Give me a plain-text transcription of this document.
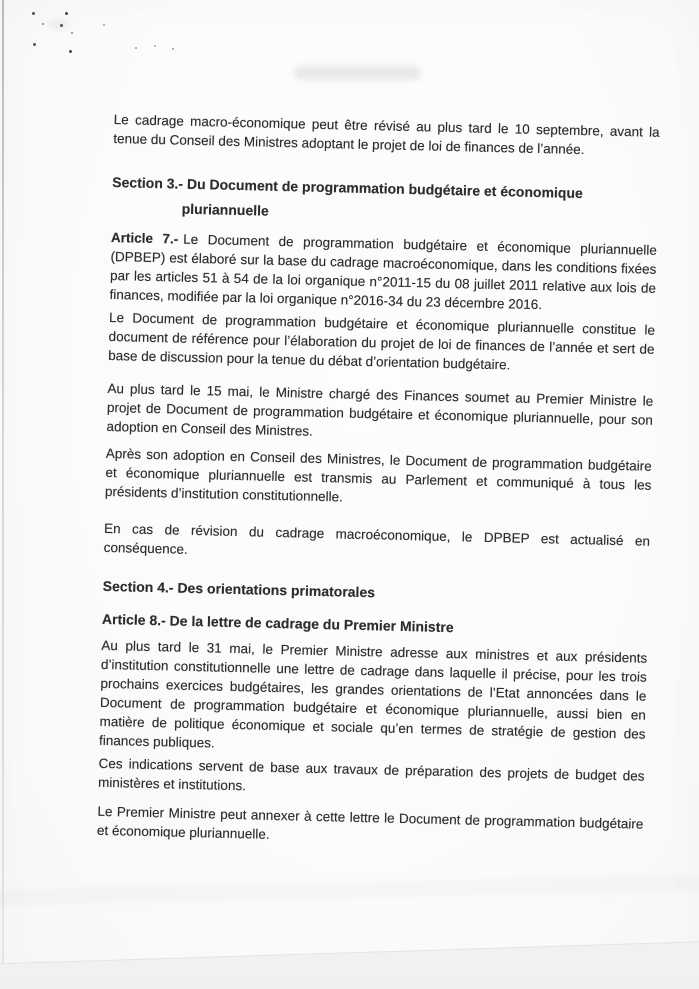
Le cadrage macro-économique peut être révisé au plus tard le 10 septembre, avant la tenue du Conseil des Ministres adoptant le projet de loi de finances de l’année.

Section 3.- Du Document de programmation budgétaire et économique
pluriannuelle

Article 7.- Le Document de programmation budgétaire et économique pluriannuelle (DPBEP) est élaboré sur la base du cadrage macroéconomique, dans les conditions fixées par les articles 51 à 54 de la loi organique n°2011-15 du 08 juillet 2011 relative aux lois de finances, modifiée par la loi organique n°2016-34 du 23 décembre 2016.

Le Document de programmation budgétaire et économique pluriannuelle constitue le document de référence pour l’élaboration du projet de loi de finances de l’année et sert de base de discussion pour la tenue du débat d’orientation budgétaire.

Au plus tard le 15 mai, le Ministre chargé des Finances soumet au Premier Ministre le projet de Document de programmation budgétaire et économique pluriannuelle, pour son adoption en Conseil des Ministres.

Après son adoption en Conseil des Ministres, le Document de programmation budgétaire et économique pluriannuelle est transmis au Parlement et communiqué à tous les présidents d’institution constitutionnelle.

En cas de révision du cadrage macroéconomique, le DPBEP est actualisé en conséquence.

Section 4.- Des orientations primatorales
Article 8.- De la lettre de cadrage du Premier Ministre

Au plus tard le 31 mai, le Premier Ministre adresse aux ministres et aux présidents d’institution constitutionnelle une lettre de cadrage dans laquelle il précise, pour les trois prochains exercices budgétaires, les grandes orientations de l’Etat annoncées dans le Document de programmation budgétaire et économique pluriannuelle, aussi bien en matière de politique économique et sociale qu’en termes de stratégie de gestion des finances publiques.

Ces indications servent de base aux travaux de préparation des projets de budget des ministères et institutions.

Le Premier Ministre peut annexer à cette lettre le Document de programmation budgétaire et économique pluriannuelle.
